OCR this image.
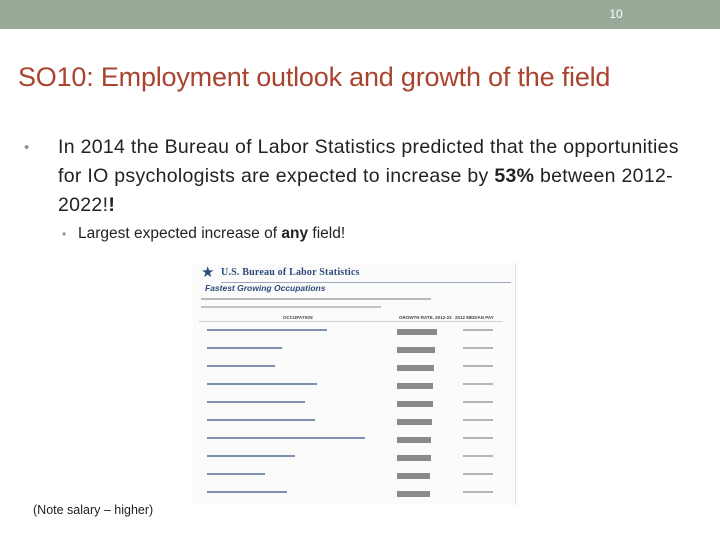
10
SO10: Employment outlook and growth of the field
• In 2014 the Bureau of Labor Statistics predicted that the opportunities for IO psychologists are expected to increase by 53% between 2012-2022!!
• Largest expected increase of any field!
★ U.S. Bureau of Labor Statistics
Fastest Growing Occupations
OCCUPATION	GROWTH RATE, 2012-22 2012 MEDIAN PAY
(Note salary – higher)
